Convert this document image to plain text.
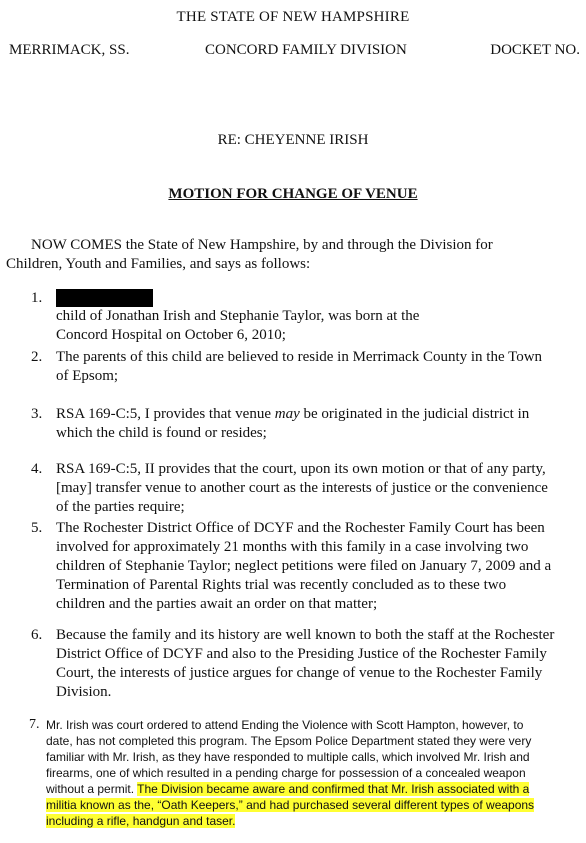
THE STATE OF NEW HAMPSHIRE
MERRIMACK, SS.	CONCORD FAMILY DIVISION	DOCKET NO.
RE: CHEYENNE IRISH
MOTION FOR CHANGE OF VENUE
NOW COMES the State of New Hampshire, by and through the Division for
Children, Youth and Families, and says as follows:
1.
child of Jonathan Irish and Stephanie Taylor, was born at the
Concord Hospital on October 6, 2010;
2. The parents of this child are believed to reside in Merrimack County in the Town
of Epsom;
3. RSA 169-C:5, I provides that venue may be originated in the judicial district in
which the child is found or resides;
4. RSA 169-C:5, II provides that the court, upon its own motion or that of any party,
[may] transfer venue to another court as the interests of justice or the convenience
of the parties require;
5. The Rochester District Office of DCYF and the Rochester Family Court has been
involved for approximately 21 months with this family in a case involving two
children of Stephanie Taylor; neglect petitions were filed on January 7, 2009 and a
Termination of Parental Rights trial was recently concluded as to these two
children and the parties await an order on that matter;
6. Because the family and its history are well known to both the staff at the Rochester
District Office of DCYF and also to the Presiding Justice of the Rochester Family
Court, the interests of justice argues for change of venue to the Rochester Family
Division.
7. Mr. Irish was court ordered to attend Ending the Violence with Scott Hampton, however, to
date, has not completed this program. The Epsom Police Department stated they were very
familiar with Mr. Irish, as they have responded to multiple calls, which involved Mr. Irish and
firearms, one of which resulted in a pending charge for possession of a concealed weapon
without a permit. The Division became aware and confirmed that Mr. Irish associated with a
militia known as the, “Oath Keepers,” and had purchased several different types of weapons
including a rifle, handgun and taser.
